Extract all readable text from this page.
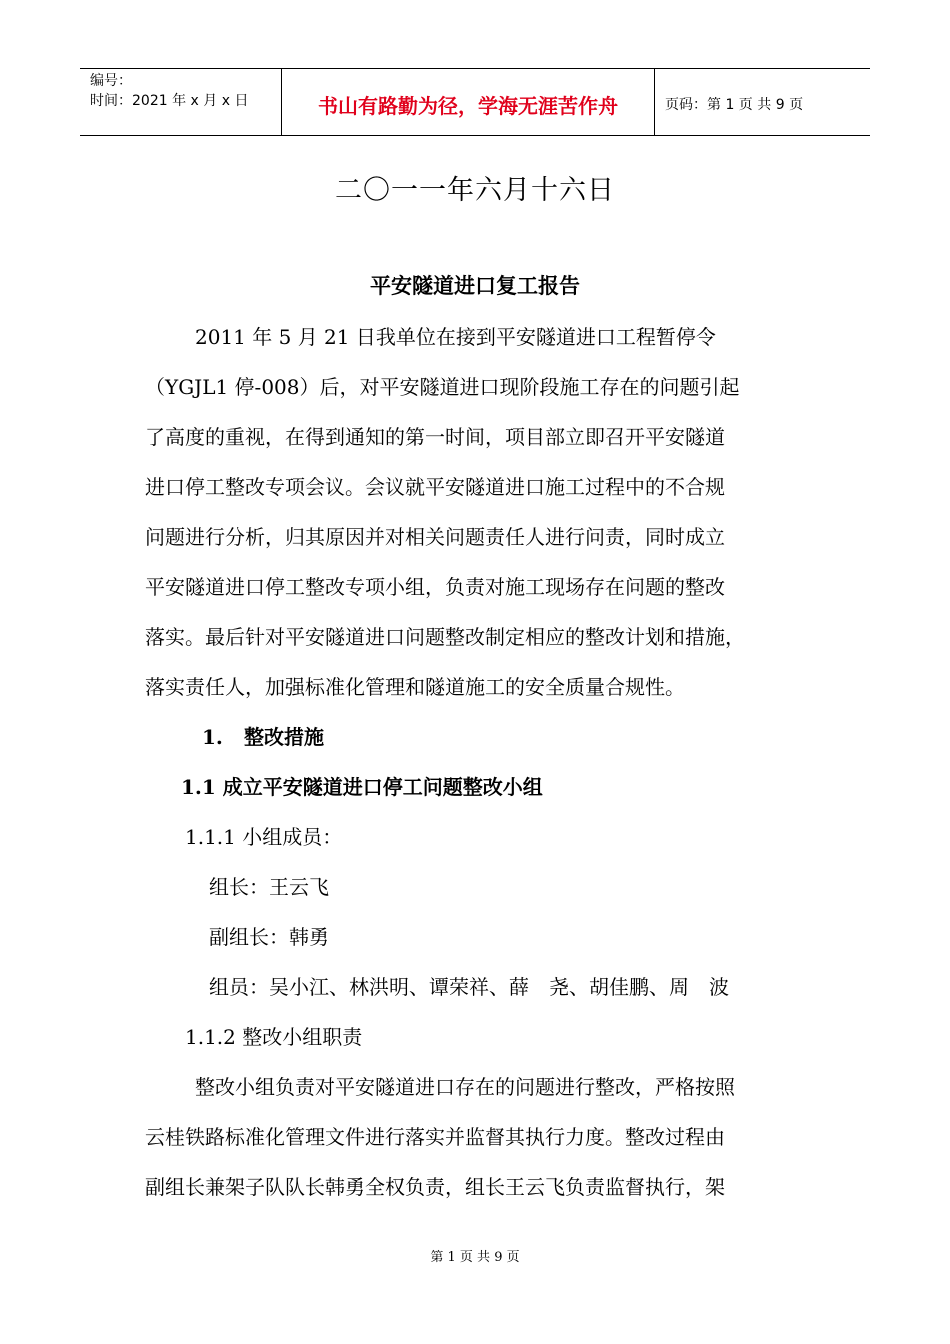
编号：
时间：2021 年 x 月 x 日	书山有路勤为径，学海无涯苦作舟	页码：第 1 页 共 9 页
二〇一一年六月十六日
平安隧道进口复工报告

2011 年 5 月 21 日我单位在接到平安隧道进口工程暂停令

（YGJL1 停-008）后，对平安隧道进口现阶段施工存在的问题引起
了高度的重视，在得到通知的第一时间，项目部立即召开平安隧道
进口停工整改专项会议。会议就平安隧道进口施工过程中的不合规
问题进行分析，归其原因并对相关问题责任人进行问责，同时成立
平安隧道进口停工整改专项小组，负责对施工现场存在问题的整改
落实。最后针对平安隧道进口问题整改制定相应的整改计划和措施，
落实责任人，加强标准化管理和隧道施工的安全质量合规性。
1. 整改措施
1.1 成立平安隧道进口停工问题整改小组
1.1.1 小组成员：
组长：王云飞
副组长：韩勇
组员：吴小江、林洪明、谭荣祥、薛　尧、胡佳鹏、周　波
1.1.2 整改小组职责

整改小组负责对平安隧道进口存在的问题进行整改，严格按照

云桂铁路标准化管理文件进行落实并监督其执行力度。整改过程由
副组长兼架子队队长韩勇全权负责，组长王云飞负责监督执行，架
第 1 页 共 9 页
